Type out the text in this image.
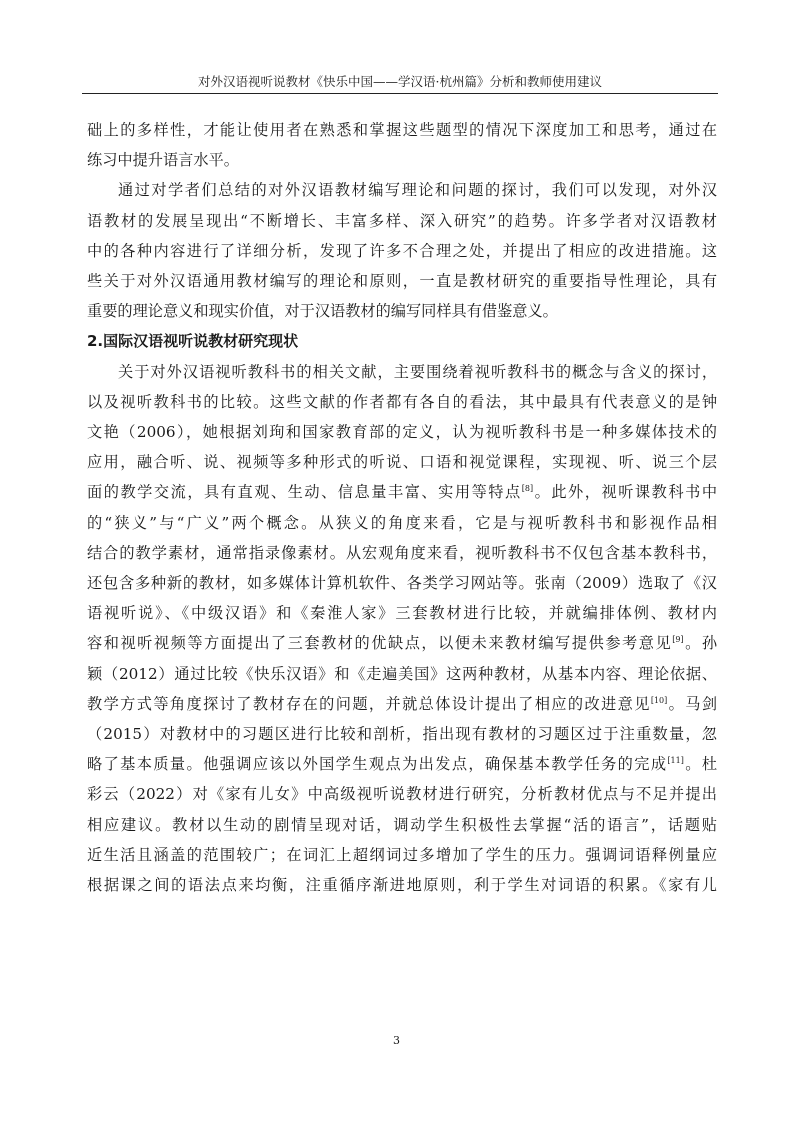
对外汉语视听说教材《快乐中国——学汉语·杭州篇》分析和教师使用建议
础上的多样性，才能让使用者在熟悉和掌握这些题型的情况下深度加工和思考，通过在
练习中提升语言水平。
通过对学者们总结的对外汉语教材编写理论和问题的探讨，我们可以发现，对外汉
语教材的发展呈现出“不断增长、丰富多样、深入研究”的趋势。许多学者对汉语教材
中的各种内容进行了详细分析，发现了许多不合理之处，并提出了相应的改进措施。这
些关于对外汉语通用教材编写的理论和原则，一直是教材研究的重要指导性理论，具有
重要的理论意义和现实价值，对于汉语教材的编写同样具有借鉴意义。
2.国际汉语视听说教材研究现状
关于对外汉语视听教科书的相关文献，主要围绕着视听教科书的概念与含义的探讨，
以及视听教科书的比较。这些文献的作者都有各自的看法，其中最具有代表意义的是钟
文艳（2006），她根据刘珣和国家教育部的定义，认为视听教科书是一种多媒体技术的
应用，融合听、说、视频等多种形式的听说、口语和视觉课程，实现视、听、说三个层
面的教学交流，具有直观、生动、信息量丰富、实用等特点[8]。此外，视听课教科书中
的“狭义”与“广义”两个概念。从狭义的角度来看，它是与视听教科书和影视作品相
结合的教学素材，通常指录像素材。从宏观角度来看，视听教科书不仅包含基本教科书，
还包含多种新的教材，如多媒体计算机软件、各类学习网站等。张南（2009）选取了《汉
语视听说》、《中级汉语》和《秦淮人家》三套教材进行比较，并就编排体例、教材内
容和视听视频等方面提出了三套教材的优缺点，以便未来教材编写提供参考意见[9]。孙
颖（2012）通过比较《快乐汉语》和《走遍美国》这两种教材，从基本内容、理论依据、
教学方式等角度探讨了教材存在的问题，并就总体设计提出了相应的改进意见[10]。马剑
（2015）对教材中的习题区进行比较和剖析，指出现有教材的习题区过于注重数量，忽
略了基本质量。他强调应该以外国学生观点为出发点，确保基本教学任务的完成[11]。杜
彩云（2022）对《家有儿女》中高级视听说教材进行研究，分析教材优点与不足并提出
相应建议。教材以生动的剧情呈现对话，调动学生积极性去掌握“活的语言”，话题贴
近生活且涵盖的范围较广；在词汇上超纲词过多增加了学生的压力。强调词语释例量应
根据课之间的语法点来均衡，注重循序渐进地原则，利于学生对词语的积累。《家有儿
3
